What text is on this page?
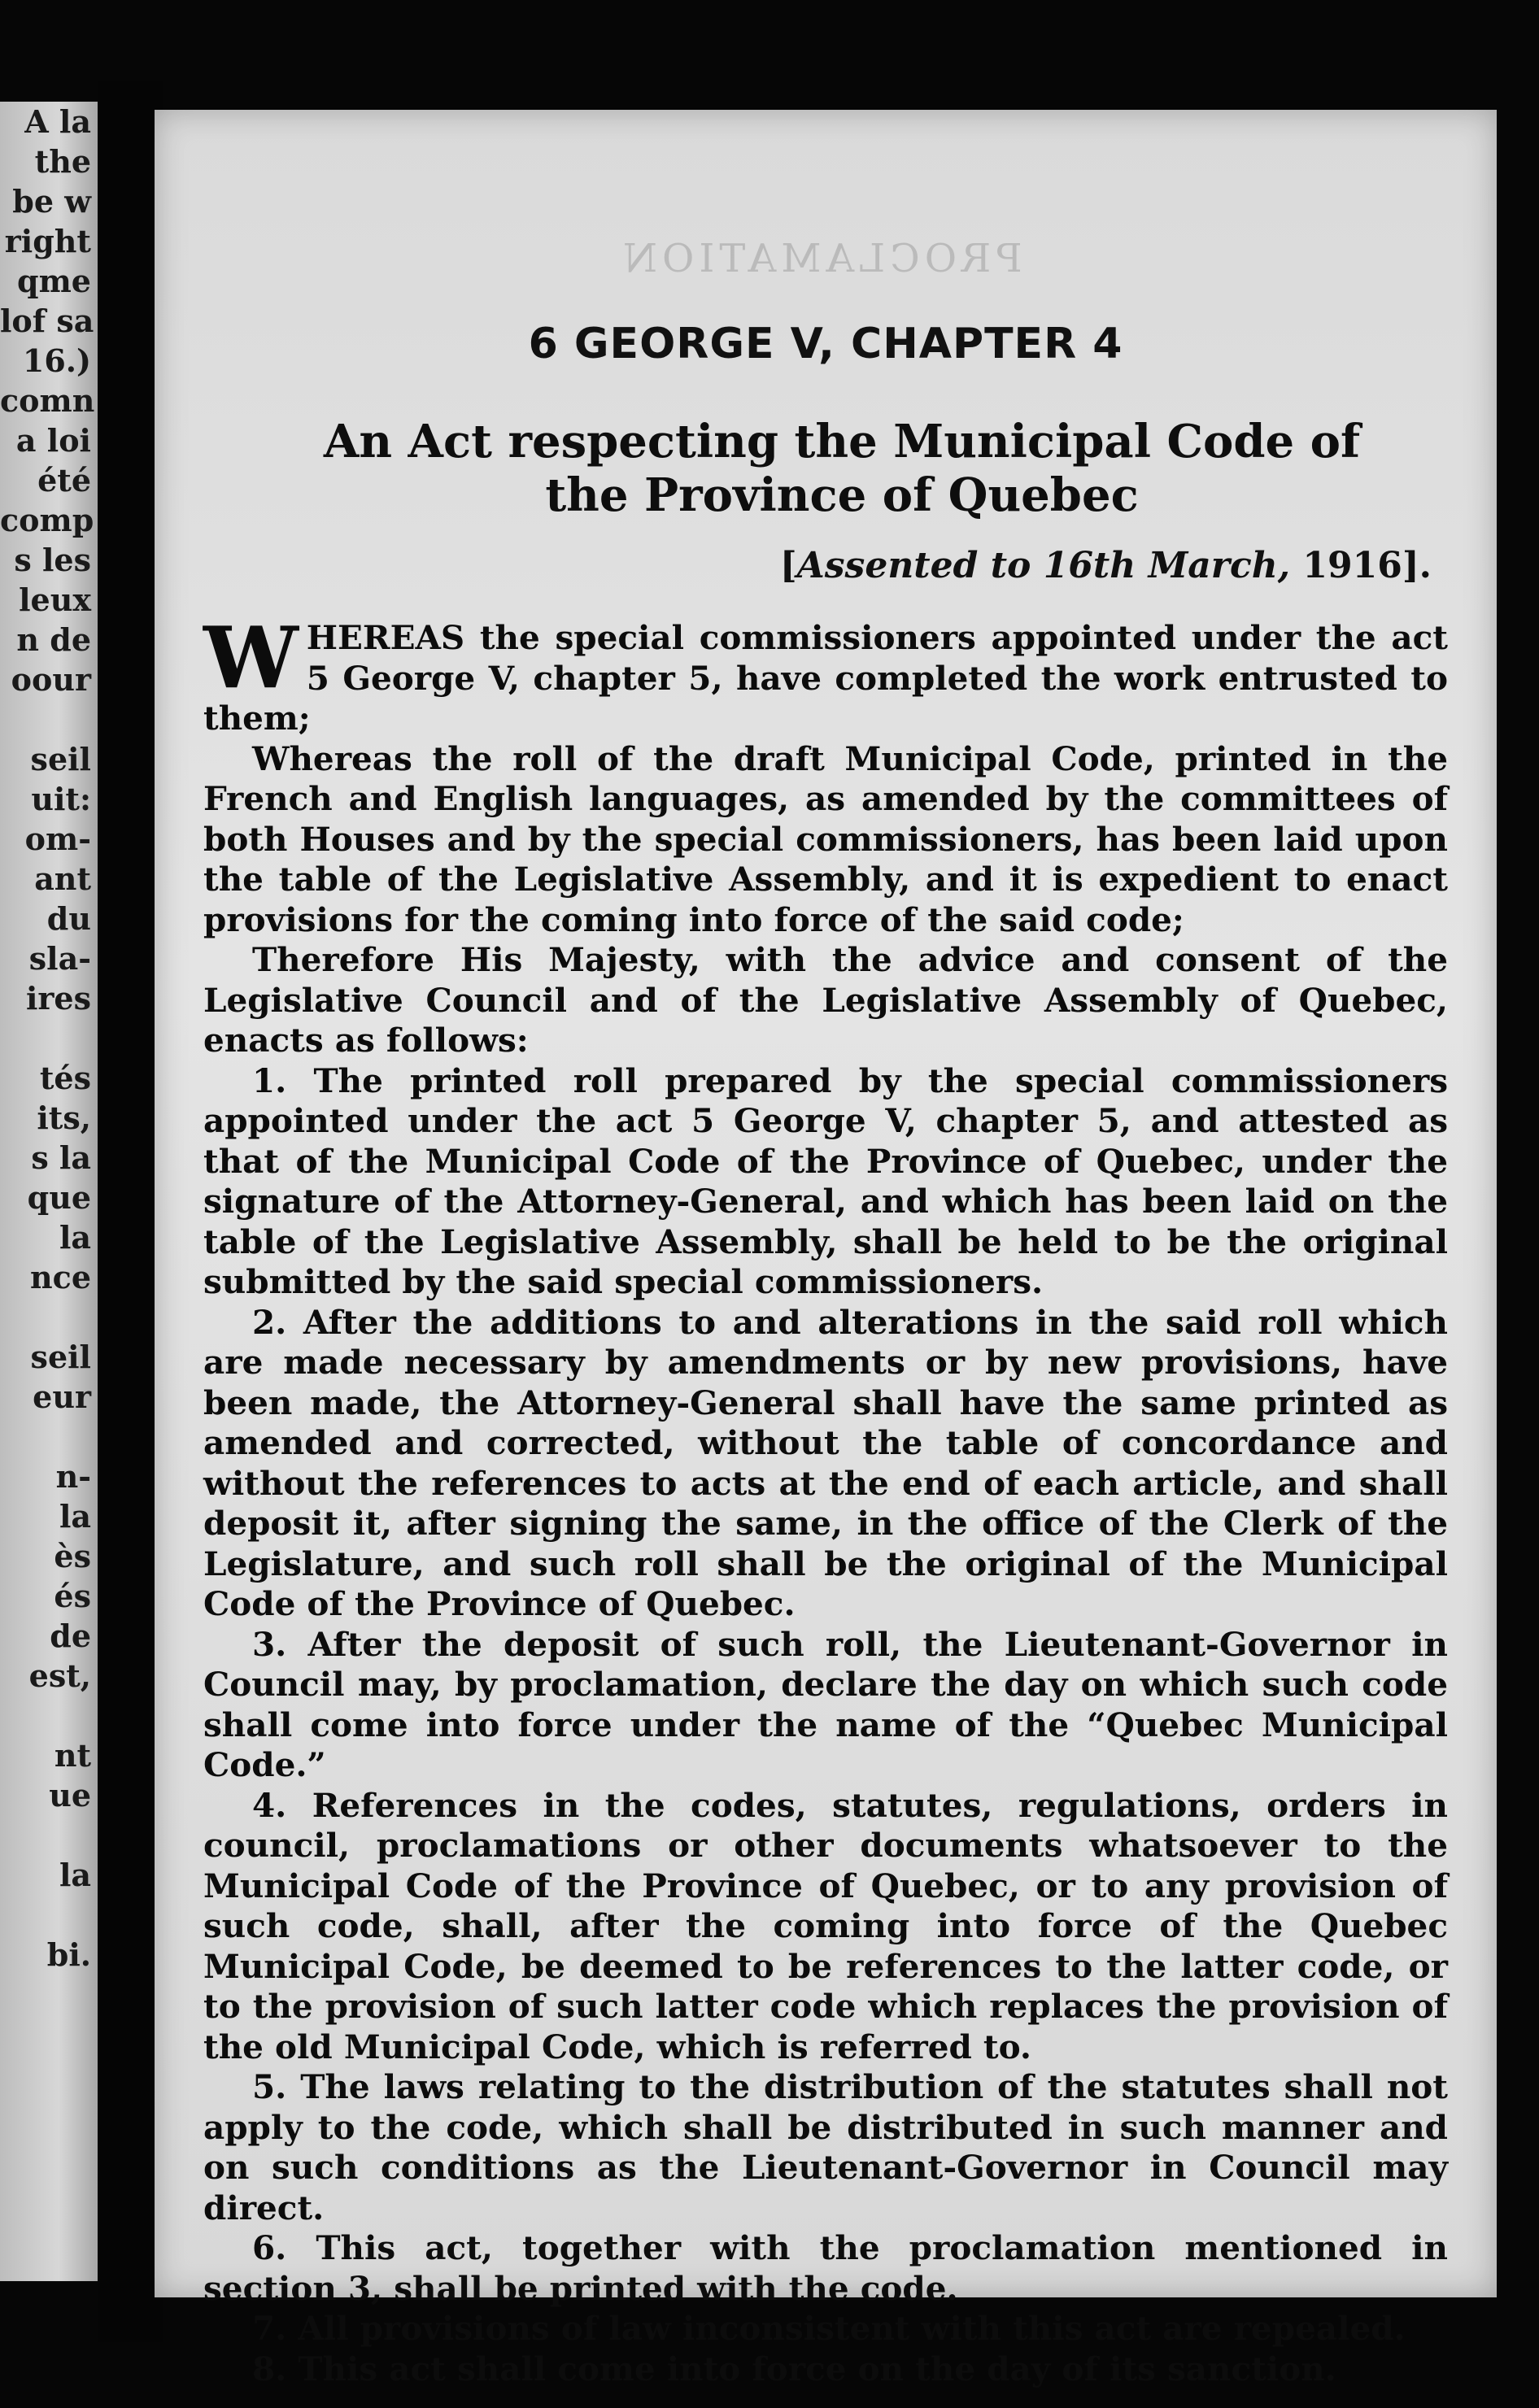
A la
the
be w
right
qme
lof sa
16.)
comn
a loi
été
comp
s les
leux
n de
oour

seil
uit:
om-
ant
du
sla-
ires

tés
its,
s la
que
la
nce

seil
eur

n-
la
ès
és
de
est,

nt
ue

la

bi.
PROCLAMATION
6 GEORGE V, CHAPTER 4
An Act respecting the Municipal Code of the Province of Quebec
[Assented to 16th March, 1916].

WHEREAS the special commissioners appointed under the act 5 George V, chapter 5, have completed the work entrusted to them;

Whereas the roll of the draft Municipal Code, printed in the French and English languages, as amended by the committees of both Houses and by the special commissioners, has been laid upon the table of the Legislative Assembly, and it is expedient to enact provisions for the coming into force of the said code;

Therefore His Majesty, with the advice and consent of the Legislative Council and of the Legislative Assembly of Quebec, enacts as follows:

1. The printed roll prepared by the special commissioners appointed under the act 5 George V, chapter 5, and attested as that of the Municipal Code of the Province of Quebec, under the signature of the Attorney-General, and which has been laid on the table of the Legislative Assembly, shall be held to be the original submitted by the said special commissioners.

2. After the additions to and alterations in the said roll which are made necessary by amendments or by new provisions, have been made, the Attorney-General shall have the same printed as amended and corrected, without the table of concordance and without the references to acts at the end of each article, and shall deposit it, after signing the same, in the office of the Clerk of the Legislature, and such roll shall be the original of the Municipal Code of the Province of Quebec.

3. After the deposit of such roll, the Lieutenant-Governor in Council may, by proclamation, declare the day on which such code shall come into force under the name of the “Quebec Municipal Code.”

4. References in the codes, statutes, regulations, orders in council, proclamations or other documents whatsoever to the Municipal Code of the Province of Quebec, or to any provision of such code, shall, after the coming into force of the Quebec Municipal Code, be deemed to be references to the latter code, or to the provision of such latter code which replaces the provision of the old Municipal Code, which is referred to.

5. The laws relating to the distribution of the statutes shall not apply to the code, which shall be distributed in such manner and on such conditions as the Lieutenant-Governor in Council may direct.

6. This act, together with the proclamation mentioned in section 3, shall be printed with the code.

7. All provisions of law inconsistent with this act are repealed.

8. This act shall come into force on the day of its sanction.
